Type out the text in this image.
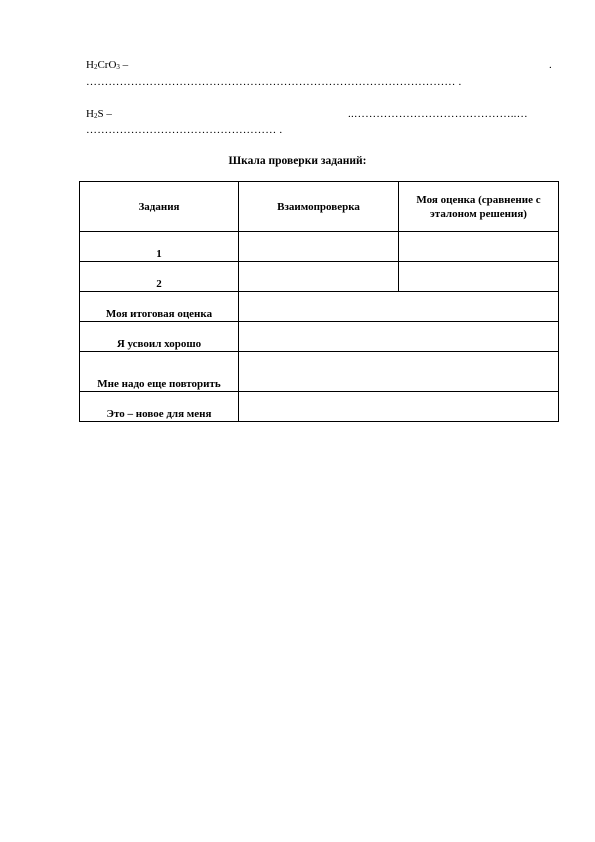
$H_2CrO_3$ –	.
……………………………………………………………………………………… .
$H_2S$ –	..……………………………………..…
…………………………………………… .
Шкала проверки заданий:
Задания	Взаимопроверка	Моя оценка (сравнение с эталоном решения)
1		
2		
Моя итоговая оценка		
Я усвоил хорошо		
Мне надо еще повторить		
Это – новое для меня		
